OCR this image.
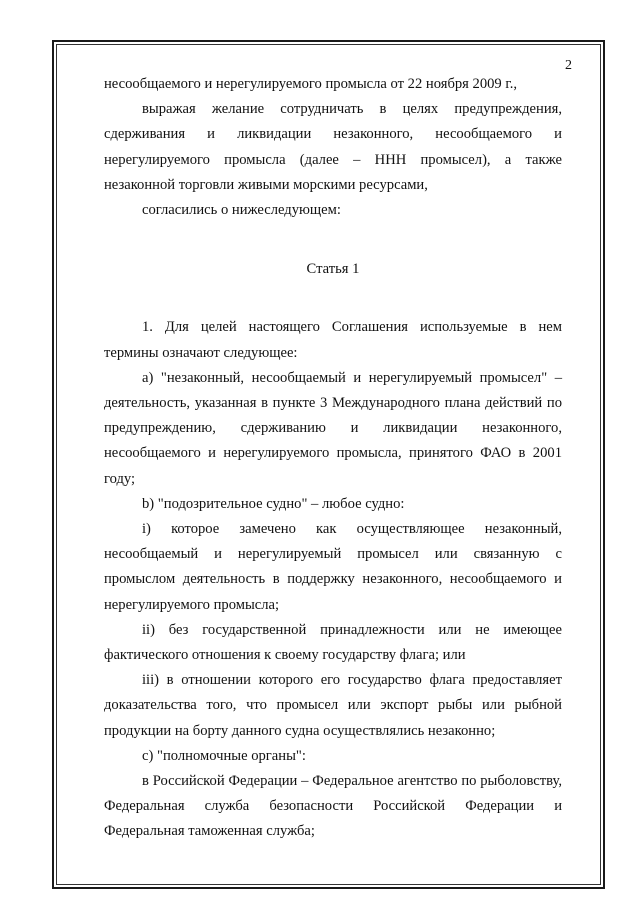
2

несообщаемого и нерегулируемого промысла от 22 ноября 2009 г.,

выражая желание сотрудничать в целях предупреждения, сдерживания и ликвидации незаконного, несообщаемого и нерегулируемого промысла (далее – ННН промысел), а также незаконной торговли живыми морскими ресурсами,

согласились о нижеследующем:

Статья 1

1. Для целей настоящего Соглашения используемые в нем термины означают следующее:

a) "незаконный, несообщаемый и нерегулируемый промысел" – деятельность, указанная в пункте 3 Международного плана действий по предупреждению, сдерживанию и ликвидации незаконного, несообщаемого и нерегулируемого промысла, принятого ФАО в 2001 году;

b) "подозрительное судно" – любое судно:

i) которое замечено как осуществляющее незаконный, несообщаемый и нерегулируемый промысел или связанную с промыслом деятельность в поддержку незаконного, несообщаемого и нерегулируемого промысла;

ii) без государственной принадлежности или не имеющее фактического отношения к своему государству флага; или

iii) в отношении которого его государство флага предоставляет доказательства того, что промысел или экспорт рыбы или рыбной продукции на борту данного судна осуществлялись незаконно;

c) "полномочные органы":

в Российской Федерации – Федеральное агентство по рыболовству, Федеральная служба безопасности Российской Федерации и Федеральная таможенная служба;
